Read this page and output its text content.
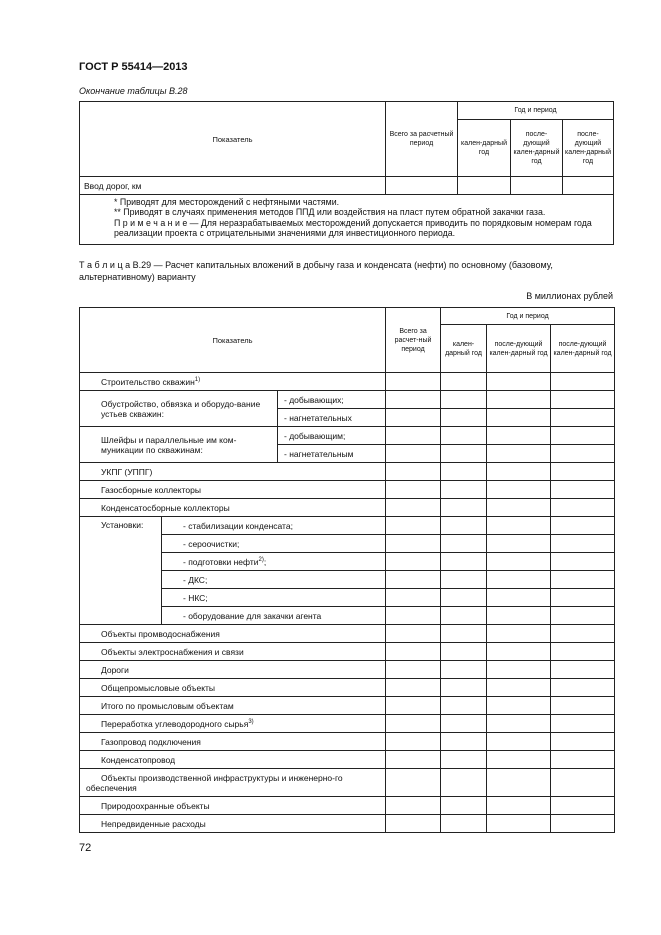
ГОСТ Р 55414—2013
Окончание таблицы В.28
Показатель	Всего за расчетный период	Год и период		
		кален-дарный год	после-дующий кален-дарный год	после-дующий кален-дарный год
Ввод дорог, км				

* Приводят для месторождений с нефтяными частями.
** Приводят в случаях применения методов ППД или воздействия на пласт путем обратной закачки газа.
П р и м е ч а н и е — Для неразрабатываемых месторождений допускается приводить по порядковым номерам года реализации проекта с отрицательными значениями для инвестиционного периода.				
Т а б л и ц а В.29 — Расчет капитальных вложений в добычу газа и конденсата (нефти) по основному (базовому, альтернативному) варианту
В миллионах рублей
Показатель			Всего за расчет-ный период	Год и период		
				кален-дарный год	после-дующий кален-дарный год	после-дующий кален-дарный год
Строительство скважин$^{1)}$				
Обустройство, обвязка и оборудо-вание устьев скважин:		- добывающих;				
		- нагнетательных				
Шлейфы и параллельные им ком-муникации по скважинам:		- добывающим;				
		- нагнетательным				
УКПГ (УППГ)						
Газосборные коллекторы						
Конденсатосборные коллекторы						
Установки:	- стабилизации конденсата;					
	- сероочистки;					
	- подготовки нефти$^{2)}$;					
	- ДКС;					
	- НКС;					
	- оборудование для закачки агента					
Объекты промводоснабжения						
Объекты электроснабжения и связи						
Дороги						
Общепромысловые объекты						
Итого по промысловым объектам						
Переработка углеводородного сырья$^{3)}$				
Газопровод подключения						
Конденсатопровод						
Объекты производственной инфраструктуры и инженерно-го обеспечения						
Природоохранные объекты						
Непредвиденные расходы						
72
